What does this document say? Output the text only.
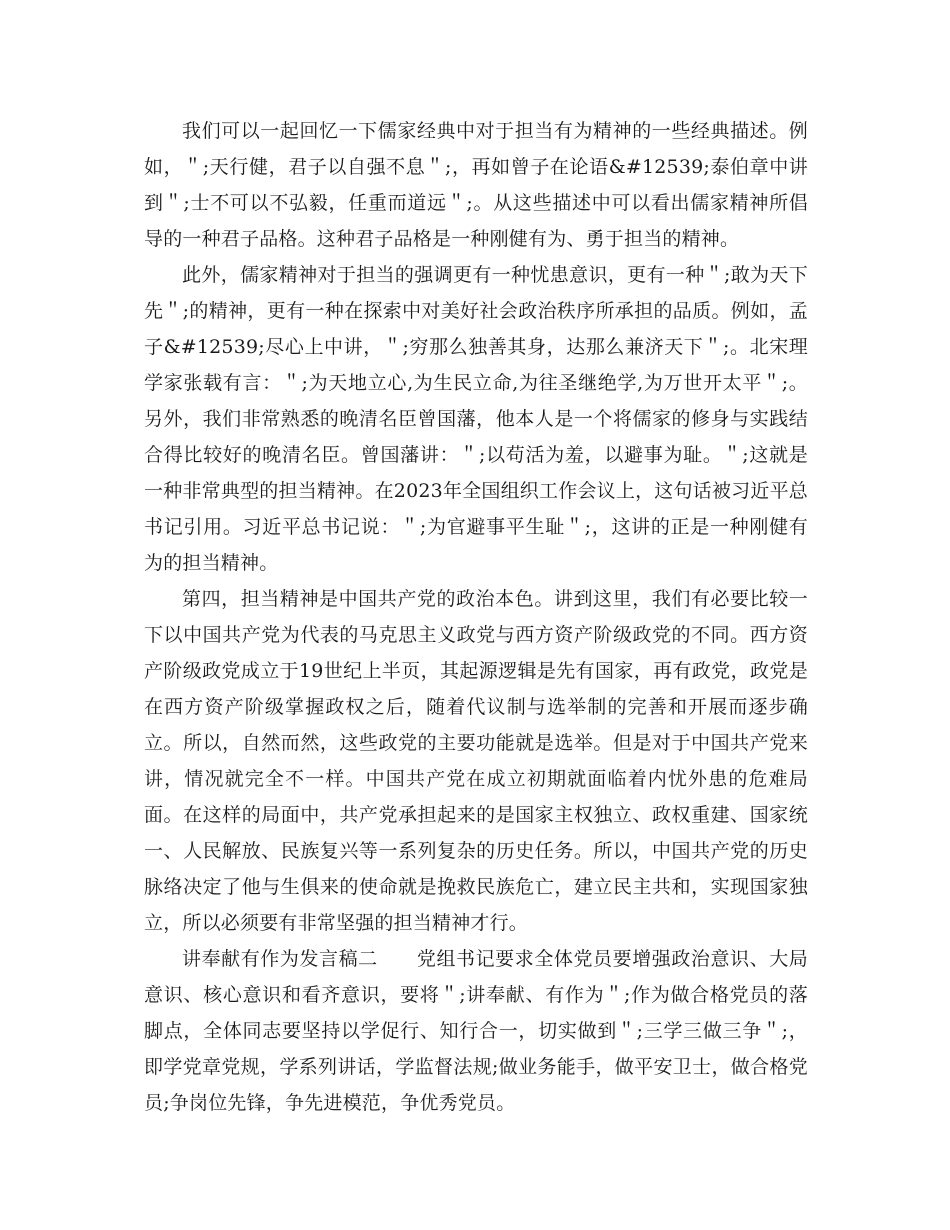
我们可以一起回忆一下儒家经典中对于担当有为精神的一些经典描述。例如，＂;天行健，君子以自强不息＂;，再如曾子在论语&#12539;泰伯章中讲到＂;士不可以不弘毅，任重而道远＂;。从这些描述中可以看出儒家精神所倡导的一种君子品格。这种君子品格是一种刚健有为、勇于担当的精神。

此外，儒家精神对于担当的强调更有一种忧患意识，更有一种＂;敢为天下先＂;的精神，更有一种在探索中对美好社会政治秩序所承担的品质。例如，孟子&#12539;尽心上中讲，＂;穷那么独善其身，达那么兼济天下＂;。北宋理学家张载有言：＂;为天地立心,为生民立命,为往圣继绝学,为万世开太平＂;。另外，我们非常熟悉的晚清名臣曾国藩，他本人是一个将儒家的修身与实践结合得比较好的晚清名臣。曾国藩讲：＂;以苟活为羞，以避事为耻。＂;这就是一种非常典型的担当精神。在2023年全国组织工作会议上，这句话被习近平总书记引用。习近平总书记说：＂;为官避事平生耻＂;，这讲的正是一种刚健有为的担当精神。

第四，担当精神是中国共产党的政治本色。讲到这里，我们有必要比较一下以中国共产党为代表的马克思主义政党与西方资产阶级政党的不同。西方资产阶级政党成立于19世纪上半页，其起源逻辑是先有国家，再有政党，政党是在西方资产阶级掌握政权之后，随着代议制与选举制的完善和开展而逐步确立。所以，自然而然，这些政党的主要功能就是选举。但是对于中国共产党来讲，情况就完全不一样。中国共产党在成立初期就面临着内忧外患的危难局面。在这样的局面中，共产党承担起来的是国家主权独立、政权重建、国家统一、人民解放、民族复兴等一系列复杂的历史任务。所以，中国共产党的历史脉络决定了他与生俱来的使命就是挽救民族危亡，建立民主共和，实现国家独立，所以必须要有非常坚强的担当精神才行。

讲奉献有作为发言稿二　　党组书记要求全体党员要增强政治意识、大局意识、核心意识和看齐意识，要将＂;讲奉献、有作为＂;作为做合格党员的落脚点，全体同志要坚持以学促行、知行合一，切实做到＂;三学三做三争＂;，即学党章党规，学系列讲话，学监督法规;做业务能手，做平安卫士，做合格党员;争岗位先锋，争先进模范，争优秀党员。
